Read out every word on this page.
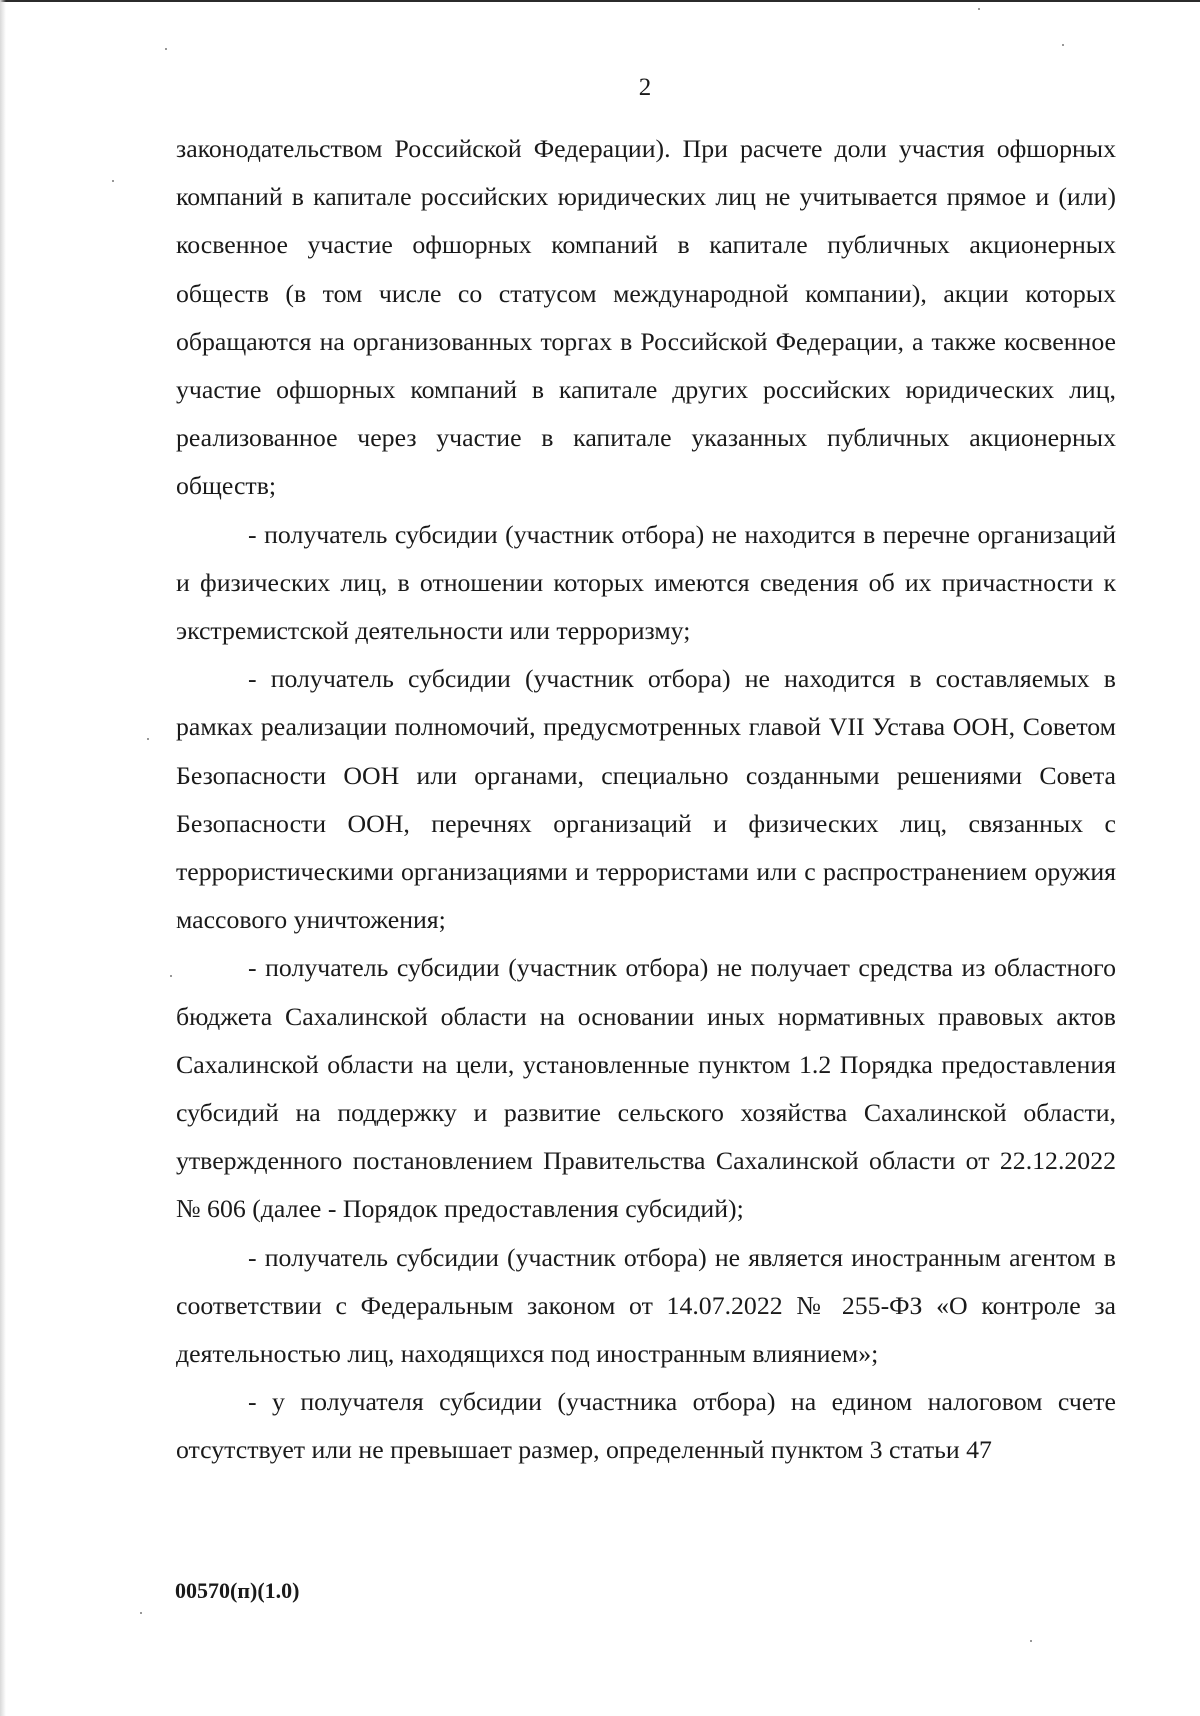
2

законодательством Российской Федерации). При расчете доли участия офшорных компаний в капитале российских юридических лиц не учитывается прямое и (или) косвенное участие офшорных компаний в капитале публичных акционерных обществ (в том числе со статусом международной компании), акции которых обращаются на организованных торгах в Российской Федерации, а также косвенное участие офшорных компаний в капитале других российских юридических лиц, реализованное через участие в капитале указанных публичных акционерных обществ;

- получатель субсидии (участник отбора) не находится в перечне организаций и физических лиц, в отношении которых имеются сведения об их причастности к экстремистской деятельности или терроризму;

- получатель субсидии (участник отбора) не находится в составляемых в рамках реализации полномочий, предусмотренных главой VII Устава ООН, Советом Безопасности ООН или органами, специально созданными решениями Совета Безопасности ООН, перечнях организаций и физических лиц, связанных с террористическими организациями и террористами или с распространением оружия массового уничтожения;

- получатель субсидии (участник отбора) не получает средства из областного бюджета Сахалинской области на основании иных нормативных правовых актов Сахалинской области на цели, установленные пунктом 1.2 Порядка предоставления субсидий на поддержку и развитие сельского хозяйства Сахалинской области, утвержденного постановлением Правительства Сахалинской области от 22.12.2022 № 606 (далее - Порядок предоставления субсидий);

- получатель субсидии (участник отбора) не является иностранным агентом в соответствии с Федеральным законом от 14.07.2022 № 255-ФЗ «О контроле за деятельностью лиц, находящихся под иностранным влиянием»;

- у получателя субсидии (участника отбора) на едином налоговом счете отсутствует или не превышает размер, определенный пунктом 3 статьи 47

00570(п)(1.0)
